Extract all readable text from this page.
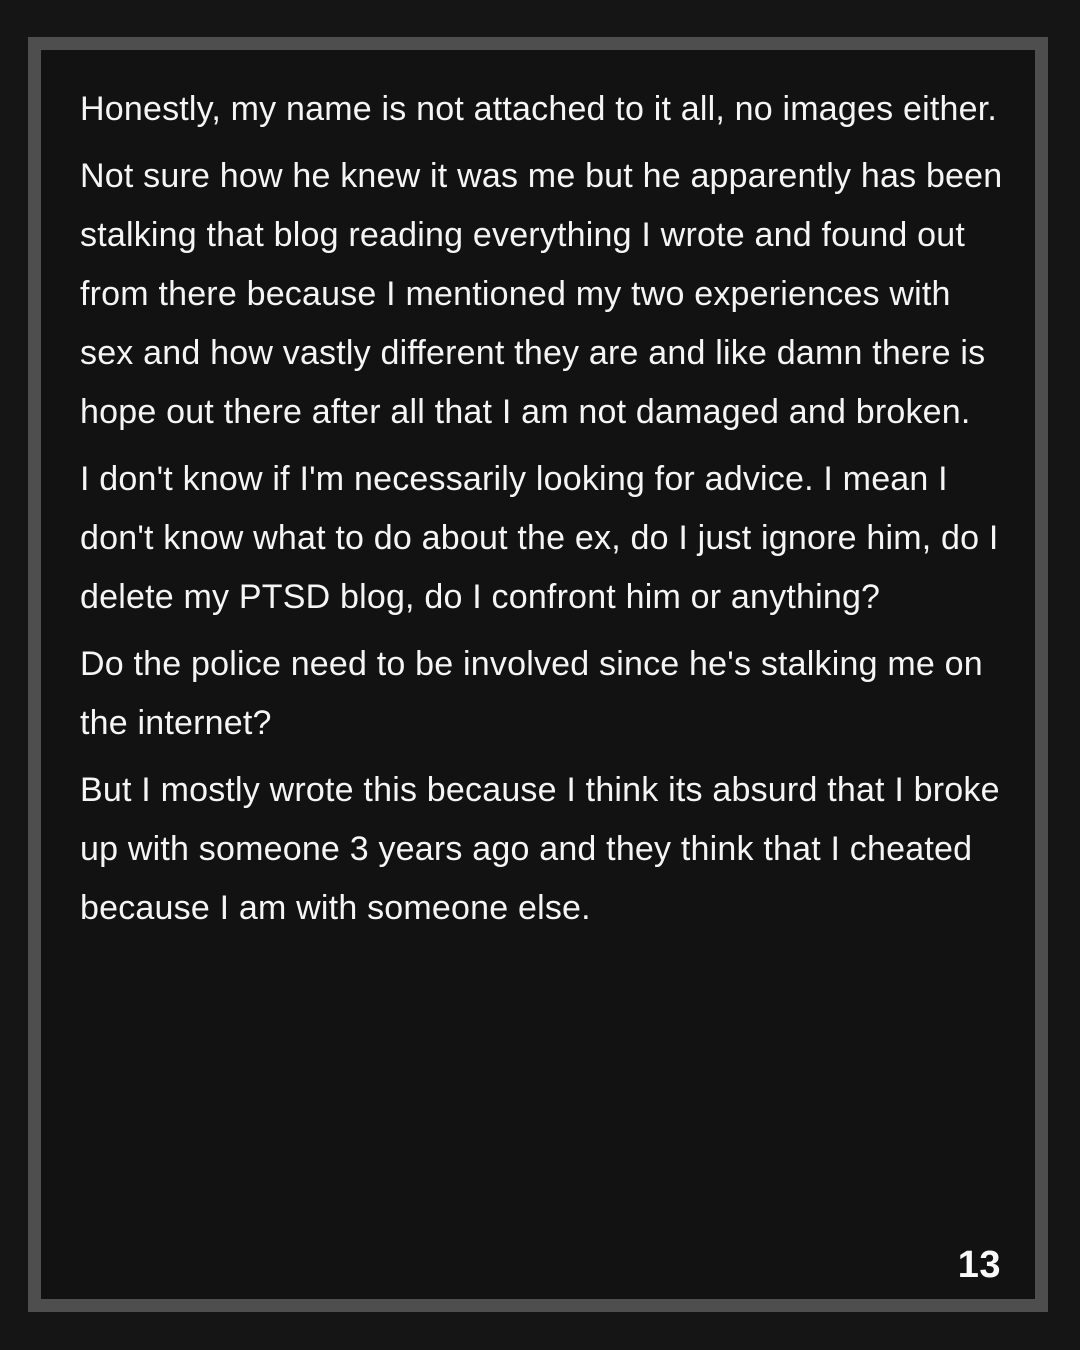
Honestly, my name is not attached to it all, no images either.

Not sure how he knew it was me but he apparently has been stalking that blog reading everything I wrote and found out from there because I mentioned my two experiences with sex and how vastly different they are and like damn there is hope out there after all that I am not damaged and broken.

I don't know if I'm necessarily looking for advice. I mean I don't know what to do about the ex, do I just ignore him, do I delete my PTSD blog, do I confront him or anything?

Do the police need to be involved since he's stalking me on the internet?

But I mostly wrote this because I think its absurd that I broke up with someone 3 years ago and they think that I cheated because I am with someone else.

13
